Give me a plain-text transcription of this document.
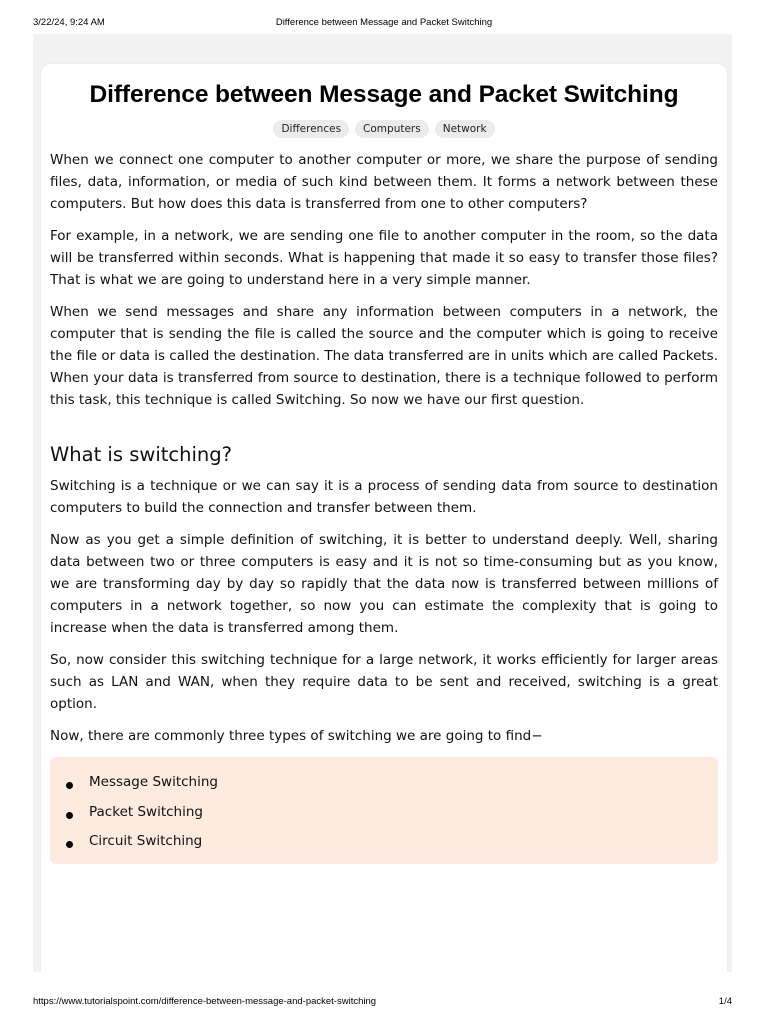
3/22/24, 9:24 AM	Difference between Message and Packet Switching
Difference between Message and Packet Switching
Differences Computers Network

When we connect one computer to another computer or more, we share the purpose of sending files, data, information, or media of such kind between them. It forms a network between these computers. But how does this data is transferred from one to other computers?

For example, in a network, we are sending one file to another computer in the room, so the data will be transferred within seconds. What is happening that made it so easy to transfer those files? That is what we are going to understand here in a very simple manner.

When we send messages and share any information between computers in a network, the computer that is sending the file is called the source and the computer which is going to receive the file or data is called the destination. The data transferred are in units which are called Packets. When your data is transferred from source to destination, there is a technique followed to perform this task, this technique is called Switching. So now we have our first question.

What is switching?

Switching is a technique or we can say it is a process of sending data from source to destination computers to build the connection and transfer between them.

Now as you get a simple definition of switching, it is better to understand deeply. Well, sharing data between two or three computers is easy and it is not so time-consuming but as you know, we are transforming day by day so rapidly that the data now is transferred between millions of computers in a network together, so now you can estimate the complexity that is going to increase when the data is transferred among them.

So, now consider this switching technique for a large network, it works efficiently for larger areas such as LAN and WAN, when they require data to be sent and received, switching is a great option.

Now, there are commonly three types of switching we are going to find−

Message Switching
Packet Switching
Circuit Switching
https://www.tutorialspoint.com/difference-between-message-and-packet-switching	1/4
